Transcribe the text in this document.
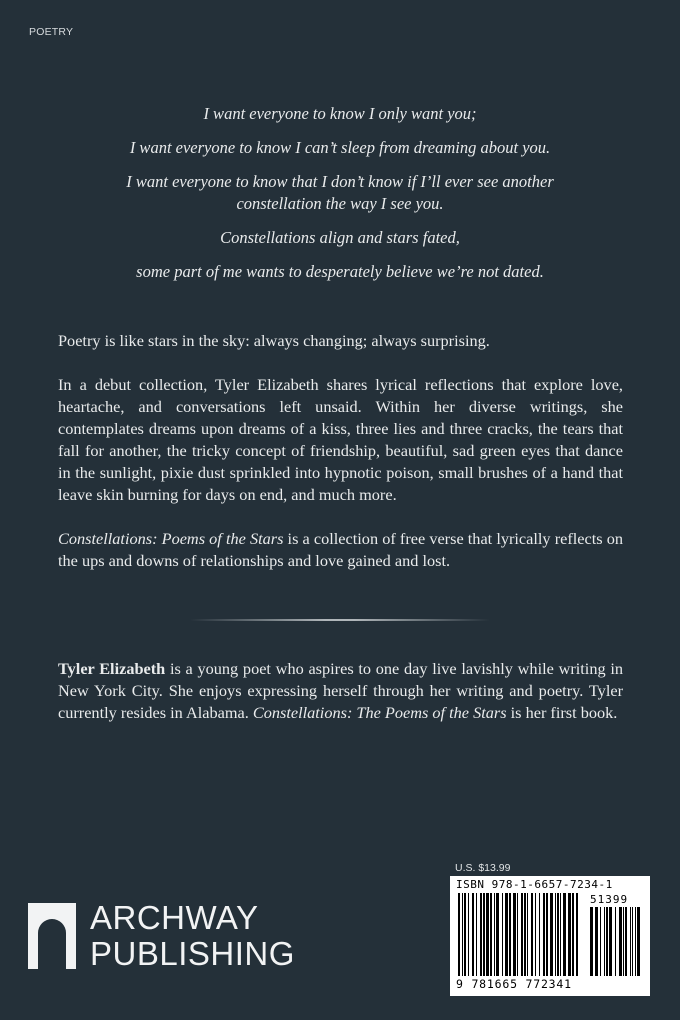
POETRY

I want everyone to know I only want you;

I want everyone to know I can’t sleep from dreaming about you.

I want everyone to know that I don’t know if I’ll ever see another constellation the way I see you.

Constellations align and stars fated,

some part of me wants to desperately believe we’re not dated.

Poetry is like stars in the sky: always changing; always surprising.

In a debut collection, Tyler Elizabeth shares lyrical reflections that explore love, heartache, and conversations left unsaid. Within her diverse writings, she contemplates dreams upon dreams of a kiss, three lies and three cracks, the tears that fall for another, the tricky concept of friendship, beautiful, sad green eyes that dance in the sunlight, pixie dust sprinkled into hypnotic poison, small brushes of a hand that leave skin burning for days on end, and much more.

Constellations: Poems of the Stars is a collection of free verse that lyrically reflects on the ups and downs of relationships and love gained and lost.

Tyler Elizabeth is a young poet who aspires to one day live lavishly while writing in New York City. She enjoys expressing herself through her writing and poetry. Tyler currently resides in Alabama. Constellations: The Poems of the Stars is her first book.
ARCHWAY
PUBLISHING
U.S. $13.99
ISBN 978-1-6657-7234-1
51399
9 781665 772341
